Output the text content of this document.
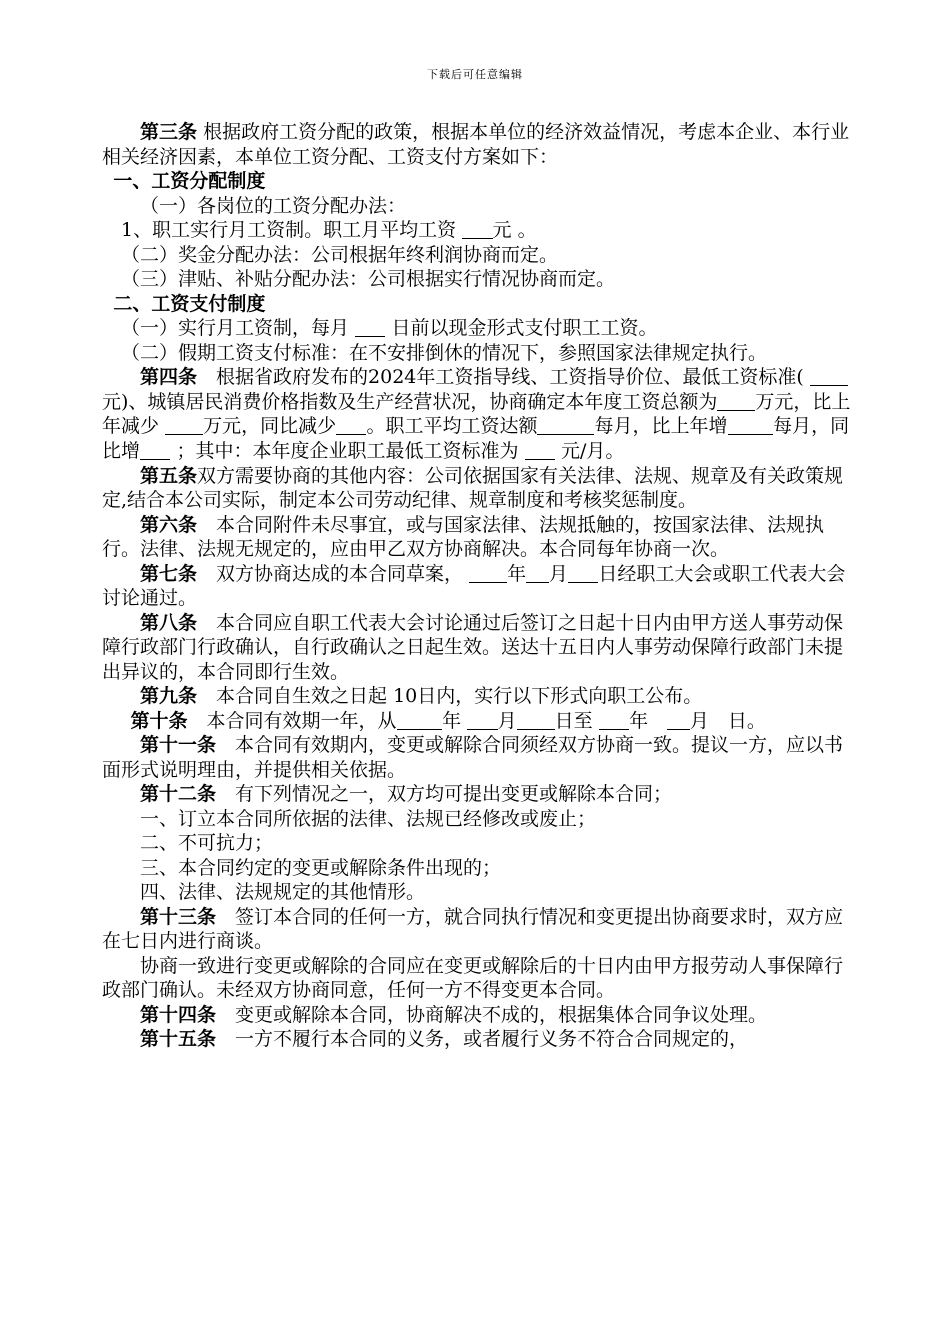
下载后可任意编辑

第三条 根据政府工资分配的政策，根据本单位的经济效益情况，考虑本企业、本行业相关经济因素，本单位工资分配、工资支付方案如下：

一、工资分配制度

（一）各岗位的工资分配办法：

1、职工实行月工资制。职工月平均工资 元 。

（二）奖金分配办法：公司根据年终利润协商而定。

（三）津贴、补贴分配办法：公司根据实行情况协商而定。

二、工资支付制度

（一）实行月工资制，每月 日前以现金形式支付职工工资。

（二）假期工资支付标准：在不安排倒休的情况下，参照国家法律规定执行。

第四条　 根据省政府发布的2024年工资指导线、工资指导价位、最低工资标准( 元)、城镇居民消费价格指数及生产经营状况，协商确定本年度工资总额为 万元，比上年减少 万元，同比减少 。职工平均工资达额	每月，比上年增 每月，同比增 ；其中：本年度企业职工最低工资标准为 元/月。

第五条双方需要协商的其他内容：公司依据国家有关法律、法规、规章及有关政策规定,结合本公司实际，制定本公司劳动纪律、规章制度和考核奖惩制度。

第六条　 本合同附件未尽事宜，或与国家法律、法规抵触的，按国家法律、法规执行。法律、法规无规定的，应由甲乙双方协商解决。本合同每年协商一次。

第七条　 双方协商达成的本合同草案， 年 月 日经职工大会或职工代表大会讨论通过。

第八条　 本合同应自职工代表大会讨论通过后签订之日起十日内由甲方送人事劳动保障行政部门行政确认，自行政确认之日起生效。送达十五日内人事劳动保障行政部门未提出异议的，本合同即行生效。

第九条　 本合同自生效之日起 10日内，实行以下形式向职工公布。

第十条　 本合同有效期一年，从 年 月 日至 年　 月　 日。

第十一条　 本合同有效期内，变更或解除合同须经双方协商一致。提议一方，应以书面形式说明理由，并提供相关依据。

第十二条　 有下列情况之一，双方均可提出变更或解除本合同；

一、订立本合同所依据的法律、法规已经修改或废止；

二、不可抗力；

三、本合同约定的变更或解除条件出现的；

四、法律、法规规定的其他情形。

第十三条　 签订本合同的任何一方，就合同执行情况和变更提出协商要求时，双方应在七日内进行商谈。

协商一致进行变更或解除的合同应在变更或解除后的十日内由甲方报劳动人事保障行政部门确认。未经双方协商同意，任何一方不得变更本合同。

第十四条　 变更或解除本合同，协商解决不成的，根据集体合同争议处理。

第十五条　 一方不履行本合同的义务，或者履行义务不符合合同规定的，
